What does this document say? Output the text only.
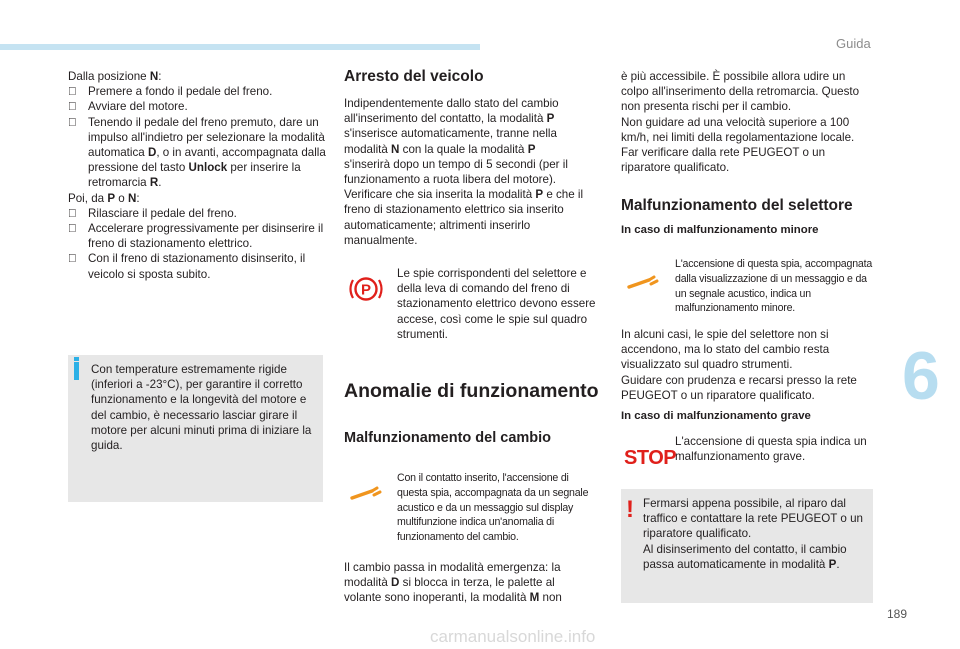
Guida
6
189
Dalla posizione N:
Premere a fondo il pedale del freno.
Avviare del motore.
Tenendo il pedale del freno premuto, dare un impulso all'indietro per selezionare la modalità automatica D, o in avanti, accompagnata dalla pressione del tasto Unlock per inserire la retromarcia R.
Poi, da P o N:
Rilasciare il pedale del freno.
Accelerare progressivamente per disinserire il freno di stazionamento elettrico.
Con il freno di stazionamento disinserito, il veicolo si sposta subito.
Con temperature estremamente rigide (inferiori a -23°C), per garantire il corretto funzionamento e la longevità del motore e del cambio, è necessario lasciar girare il motore per alcuni minuti prima di iniziare la guida.
Arresto del veicolo
Indipendentemente dallo stato del cambio all'inserimento del contatto, la modalità P s'inserisce automaticamente, tranne nella modalità N con la quale la modalità P s'inserirà dopo un tempo di 5 secondi (per il funzionamento a ruota libera del motore).
Verificare che sia inserita la modalità P e che il freno di stazionamento elettrico sia inserito automaticamente; altrimenti inserirlo manualmente.
P
Le spie corrispondenti del selettore e della leva di comando del freno di stazionamento elettrico devono essere accese, così come le spie sul quadro strumenti.
Anomalie di funzionamento
Malfunzionamento del cambio
Con il contatto inserito, l'accensione di questa spia, accompagnata da un segnale acustico e da un messaggio sul display multifunzione indica un'anomalia di funzionamento del cambio.
Il cambio passa in modalità emergenza: la modalità D si blocca in terza, le palette al volante sono inoperanti, la modalità M non
è più accessibile. È possibile allora udire un colpo all'inserimento della retromarcia. Questo non presenta rischi per il cambio.
Non guidare ad una velocità superiore a 100 km/h, nei limiti della regolamentazione locale.
Far verificare dalla rete PEUGEOT o un riparatore qualificato.
Malfunzionamento del selettore
In caso di malfunzionamento minore
L'accensione di questa spia, accompagnata dalla visualizzazione di un messaggio e da un segnale acustico, indica un malfunzionamento minore.
In alcuni casi, le spie del selettore non si accendono, ma lo stato del cambio resta visualizzato sul quadro strumenti.
Guidare con prudenza e recarsi presso la rete PEUGEOT o un riparatore qualificato.
In caso di malfunzionamento grave
STOP
L'accensione di questa spia indica un malfunzionamento grave.
! Fermarsi appena possibile, al riparo dal traffico e contattare la rete PEUGEOT o un riparatore qualificato.
Al disinserimento del contatto, il cambio passa automaticamente in modalità P.
carmanualsonline.info
